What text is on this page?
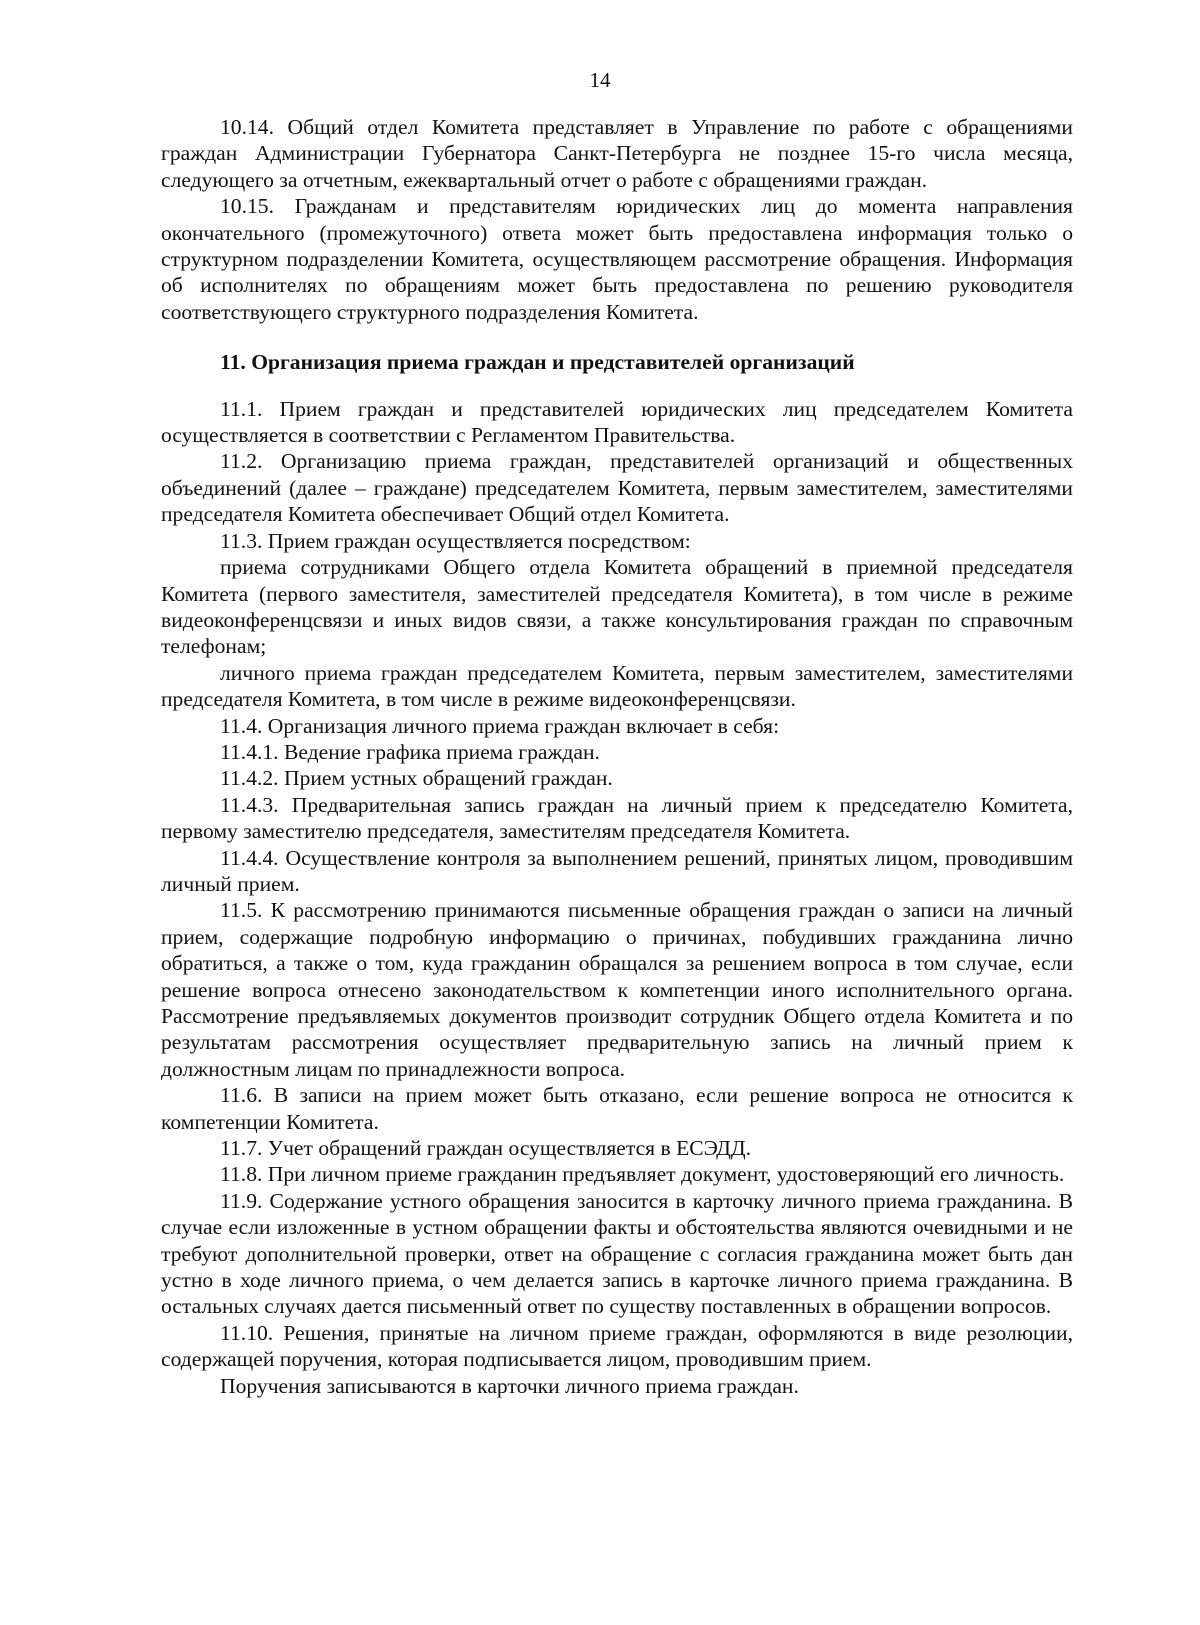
14

10.14. Общий отдел Комитета представляет в Управление по работе с обращениями граждан Администрации Губернатора Санкт-Петербурга не позднее 15-го числа месяца, следующего за отчетным, ежеквартальный отчет о работе с обращениями граждан.

10.15. Гражданам и представителям юридических лиц до момента направления окончательного (промежуточного) ответа может быть предоставлена информация только о структурном подразделении Комитета, осуществляющем рассмотрение обращения. Информация об исполнителях по обращениям может быть предоставлена по решению руководителя соответствующего структурного подразделения Комитета.

11. Организация приема граждан и представителей организаций

11.1. Прием граждан и представителей юридических лиц председателем Комитета осуществляется в соответствии с Регламентом Правительства.

11.2. Организацию приема граждан, представителей организаций и общественных объединений (далее – граждане) председателем Комитета, первым заместителем, заместителями председателя Комитета обеспечивает Общий отдел Комитета.

11.3. Прием граждан осуществляется посредством:

приема сотрудниками Общего отдела Комитета обращений в приемной председателя Комитета (первого заместителя, заместителей председателя Комитета), в том числе в режиме видеоконференцсвязи и иных видов связи, а также консультирования граждан по справочным телефонам;

личного приема граждан председателем Комитета, первым заместителем, заместителями председателя Комитета, в том числе в режиме видеоконференцсвязи.

11.4. Организация личного приема граждан включает в себя:

11.4.1. Ведение графика приема граждан.

11.4.2. Прием устных обращений граждан.

11.4.3. Предварительная запись граждан на личный прием к председателю Комитета, первому заместителю председателя, заместителям председателя Комитета.

11.4.4. Осуществление контроля за выполнением решений, принятых лицом, проводившим личный прием.

11.5. К рассмотрению принимаются письменные обращения граждан о записи на личный прием, содержащие подробную информацию о причинах, побудивших гражданина лично обратиться, а также о том, куда гражданин обращался за решением вопроса в том случае, если решение вопроса отнесено законодательством к компетенции иного исполнительного органа. Рассмотрение предъявляемых документов производит сотрудник Общего отдела Комитета и по результатам рассмотрения осуществляет предварительную запись на личный прием к должностным лицам по принадлежности вопроса.

11.6. В записи на прием может быть отказано, если решение вопроса не относится к компетенции Комитета.

11.7. Учет обращений граждан осуществляется в ЕСЭДД.

11.8. При личном приеме гражданин предъявляет документ, удостоверяющий его личность.

11.9. Содержание устного обращения заносится в карточку личного приема гражданина. В случае если изложенные в устном обращении факты и обстоятельства являются очевидными и не требуют дополнительной проверки, ответ на обращение с согласия гражданина может быть дан устно в ходе личного приема, о чем делается запись в карточке личного приема гражданина. В остальных случаях дается письменный ответ по существу поставленных в обращении вопросов.

11.10. Решения, принятые на личном приеме граждан, оформляются в виде резолюции, содержащей поручения, которая подписывается лицом, проводившим прием.

Поручения записываются в карточки личного приема граждан.
